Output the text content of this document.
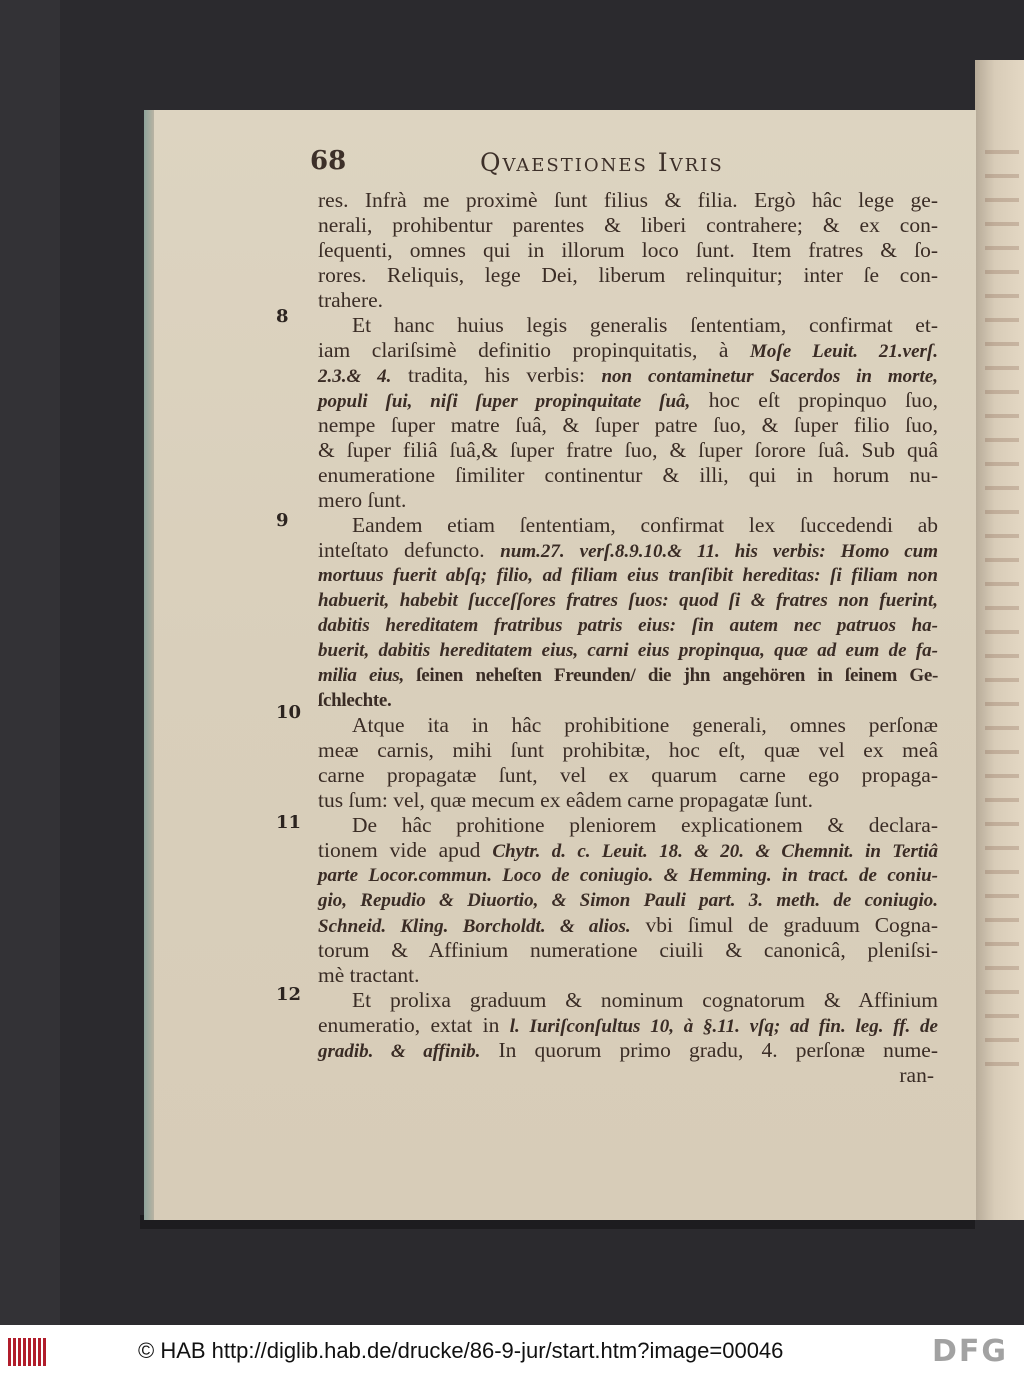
68	Qvaestiones Ivris
8
9
10
11
12
res. Infrà me proximè ſunt filius & filia. Ergò hâc lege ge-
nerali, prohibentur parentes & liberi contrahere; & ex con-
ſequenti, omnes qui in illorum loco ſunt. Item fratres & ſo-
rores. Reliquis, lege Dei, liberum relinquitur; inter ſe con-
trahere.
Et hanc huius legis generalis ſententiam, confirmat et-
iam clariſsimè definitio propinquitatis, à Moſe Leuit. 21.verſ.
2.3.& 4. tradita, his verbis: non contaminetur Sacerdos in morte,
populi ſui, niſi ſuper propinquitate ſuâ, hoc eſt propinquo ſuo,
nempe ſuper matre ſuâ, & ſuper patre ſuo, & ſuper filio ſuo,
& ſuper filiâ ſuâ,& ſuper fratre ſuo, & ſuper ſorore ſuâ. Sub quâ
enumeratione ſimiliter continentur & illi, qui in horum nu-
mero ſunt.
Eandem etiam ſententiam, confirmat lex ſuccedendi ab
inteſtato defuncto. num.27. verſ.8.9.10.& 11. his verbis: Homo cum
mortuus fuerit abſq; filio, ad filiam eius tranſibit hereditas: ſi filiam non
habuerit, habebit ſucceſſores fratres ſuos: quod ſi & fratres non fuerint,
dabitis hereditatem fratribus patris eius: ſin autem nec patruos ha-
buerit, dabitis hereditatem eius, carni eius propinqua, quæ ad eum de fa-
milia eius, ſeinen neheſten Freunden/ die jhn angehören in ſeinem Ge-
ſchlechte.
Atque ita in hâc prohibitione generali, omnes perſonæ
meæ carnis, mihi ſunt prohibitæ, hoc eſt, quæ vel ex meâ
carne propagatæ ſunt, vel ex quarum carne ego propaga-
tus ſum: vel, quæ mecum ex eâdem carne propagatæ ſunt.
De hâc prohitione pleniorem explicationem & declara-
tionem vide apud Chytr. d. c. Leuit. 18. & 20. & Chemnit. in Tertiâ
parte Locor.commun. Loco de coniugio. & Hemming. in tract. de coniu-
gio, Repudio & Diuortio, & Simon Pauli part. 3. meth. de coniugio.
Schneid. Kling. Borcholdt. & alios. vbi ſimul de graduum Cogna-
torum & Affinium numeratione ciuili & canonicâ, pleniſsi-
mè tractant.
Et prolixa graduum & nominum cognatorum & Affinium
enumeratio, extat in l. Iuriſconſultus 10, à §.11. vſq; ad fin. leg. ff. de
gradib. & affinib. In quorum primo gradu, 4. perſonæ nume-
ran-
© HAB http://diglib.hab.de/drucke/86-9-jur/start.htm?image=00046	DFG
